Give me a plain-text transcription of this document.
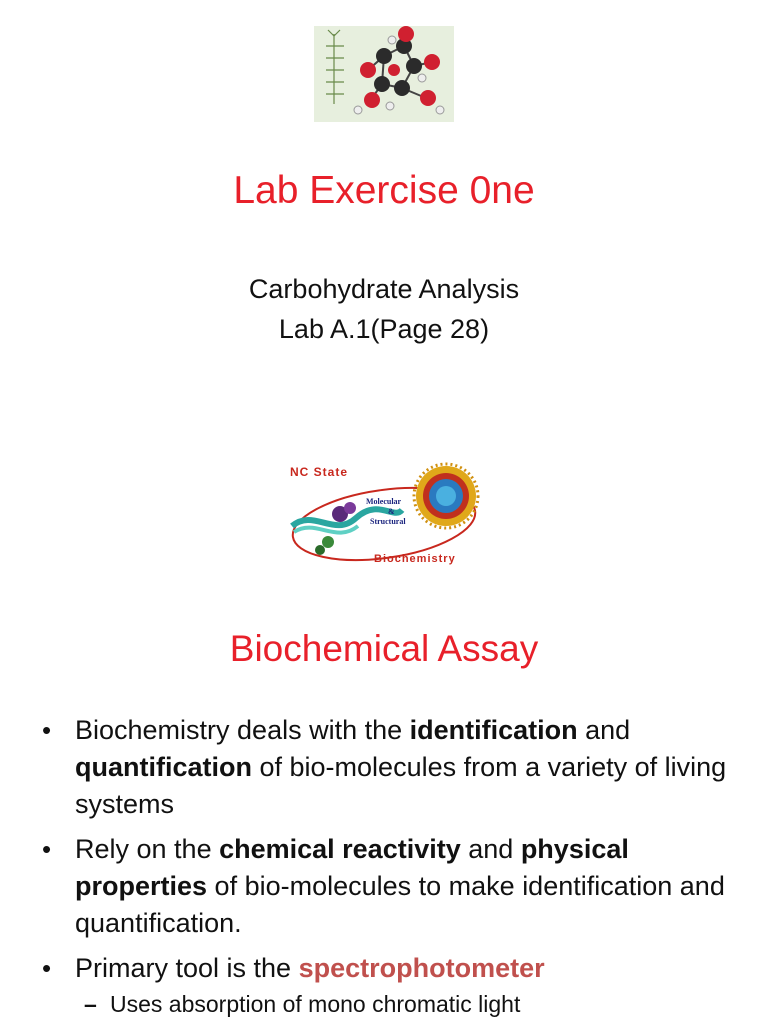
Lab Exercise 0ne
Carbohydrate Analysis
Lab A.1(Page 28)
NC State
Molecular
&
Structural
Biochemistry
Biochemical Assay
• Biochemistry deals with the identification and quantification of bio-molecules from a variety of living systems
• Rely on the chemical reactivity and physical properties of bio-molecules to make identification and quantification.
• Primary tool is the spectrophotometer
– Uses absorption of mono chromatic light
